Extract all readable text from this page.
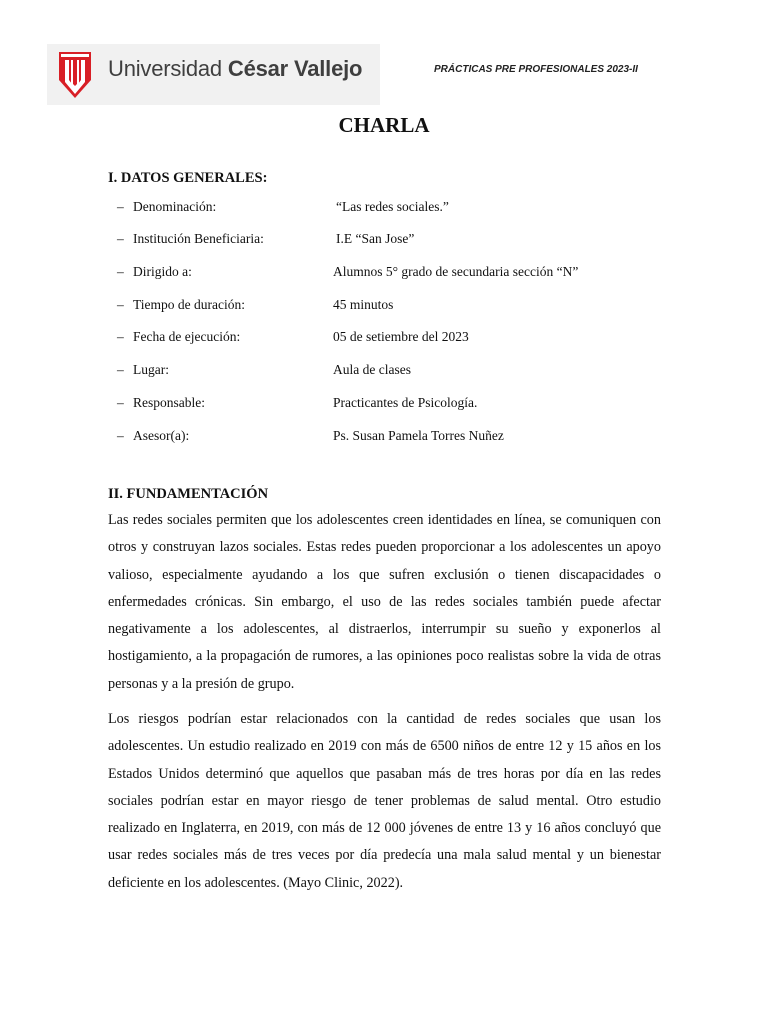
Universidad César Vallejo	PRÁCTICAS PRE PROFESIONALES 2023-II
CHARLA
I. DATOS GENERALES:
– Denominación:	“Las redes sociales.”
– Institución Beneficiaria:	I.E “San Jose”
– Dirigido a:	Alumnos 5° grado de secundaria sección “N”
– Tiempo de duración:	45 minutos
– Fecha de ejecución:	05 de setiembre del 2023
– Lugar:	Aula de clases
– Responsable:	Practicantes de Psicología.
– Asesor(a):	Ps. Susan Pamela Torres Nuñez
II. FUNDAMENTACIÓN

Las redes sociales permiten que los adolescentes creen identidades en línea, se comuniquen con otros y construyan lazos sociales. Estas redes pueden proporcionar a los adolescentes un apoyo valioso, especialmente ayudando a los que sufren exclusión o tienen discapacidades o enfermedades crónicas. Sin embargo, el uso de las redes sociales también puede afectar negativamente a los adolescentes, al distraerlos, interrumpir su sueño y exponerlos al hostigamiento, a la propagación de rumores, a las opiniones poco realistas sobre la vida de otras personas y a la presión de grupo.

Los riesgos podrían estar relacionados con la cantidad de redes sociales que usan los adolescentes. Un estudio realizado en 2019 con más de 6500 niños de entre 12 y 15 años en los Estados Unidos determinó que aquellos que pasaban más de tres horas por día en las redes sociales podrían estar en mayor riesgo de tener problemas de salud mental. Otro estudio realizado en Inglaterra, en 2019, con más de 12 000 jóvenes de entre 13 y 16 años concluyó que usar redes sociales más de tres veces por día predecía una mala salud mental y un bienestar deficiente en los adolescentes. (Mayo Clinic, 2022).
